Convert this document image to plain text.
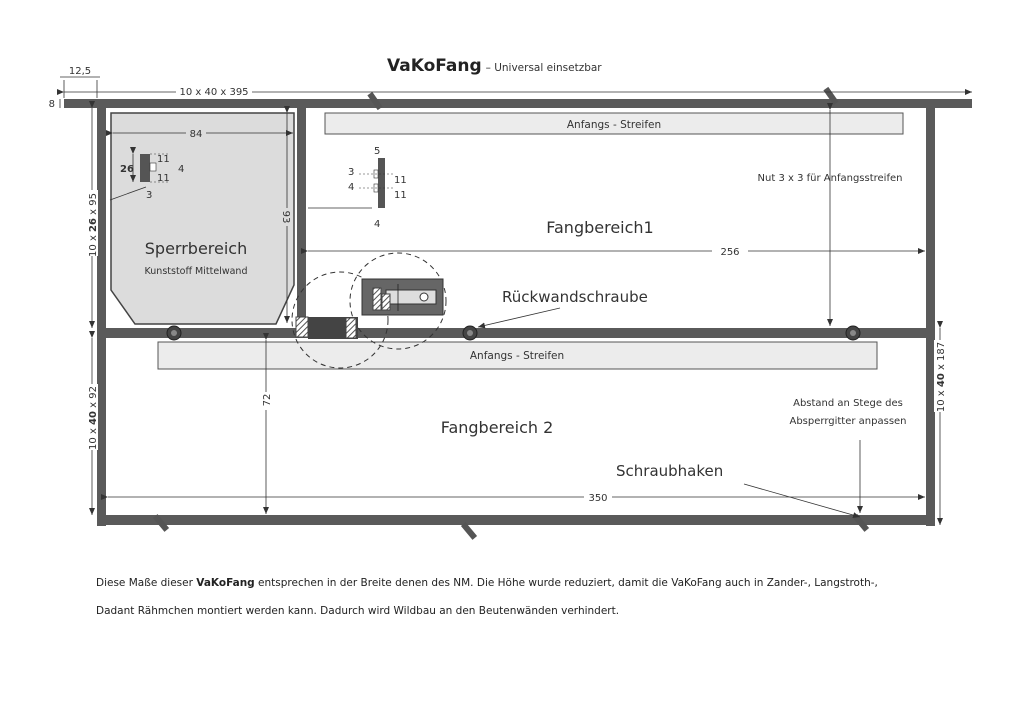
VaKoFang – Universal einsetzbar
Anfangs - Streifen
Anfangs - Streifen
10 x 40 x 395
12,5
8
84
93
256
350
72
10 x 26 x 95
10 x 40 x 92	10 x 40 x 187
26
11
11
4
3
5
3
4
11
11
4
Sperrbereich
Kunststoff Mittelwand
Fangbereich1
Fangbereich 2
Nut 3 x 3 für Anfangsstreifen
Rückwandschraube
Abstand an Stege des
Absperrgitter anpassen
Schraubhaken
Diese Maße dieser VaKoFang entsprechen in der Breite denen des NM. Die Höhe wurde reduziert, damit die VaKoFang auch in Zander-, Langstroth-,
Dadant Rähmchen montiert werden kann. Dadurch wird Wildbau an den Beutenwänden verhindert.
